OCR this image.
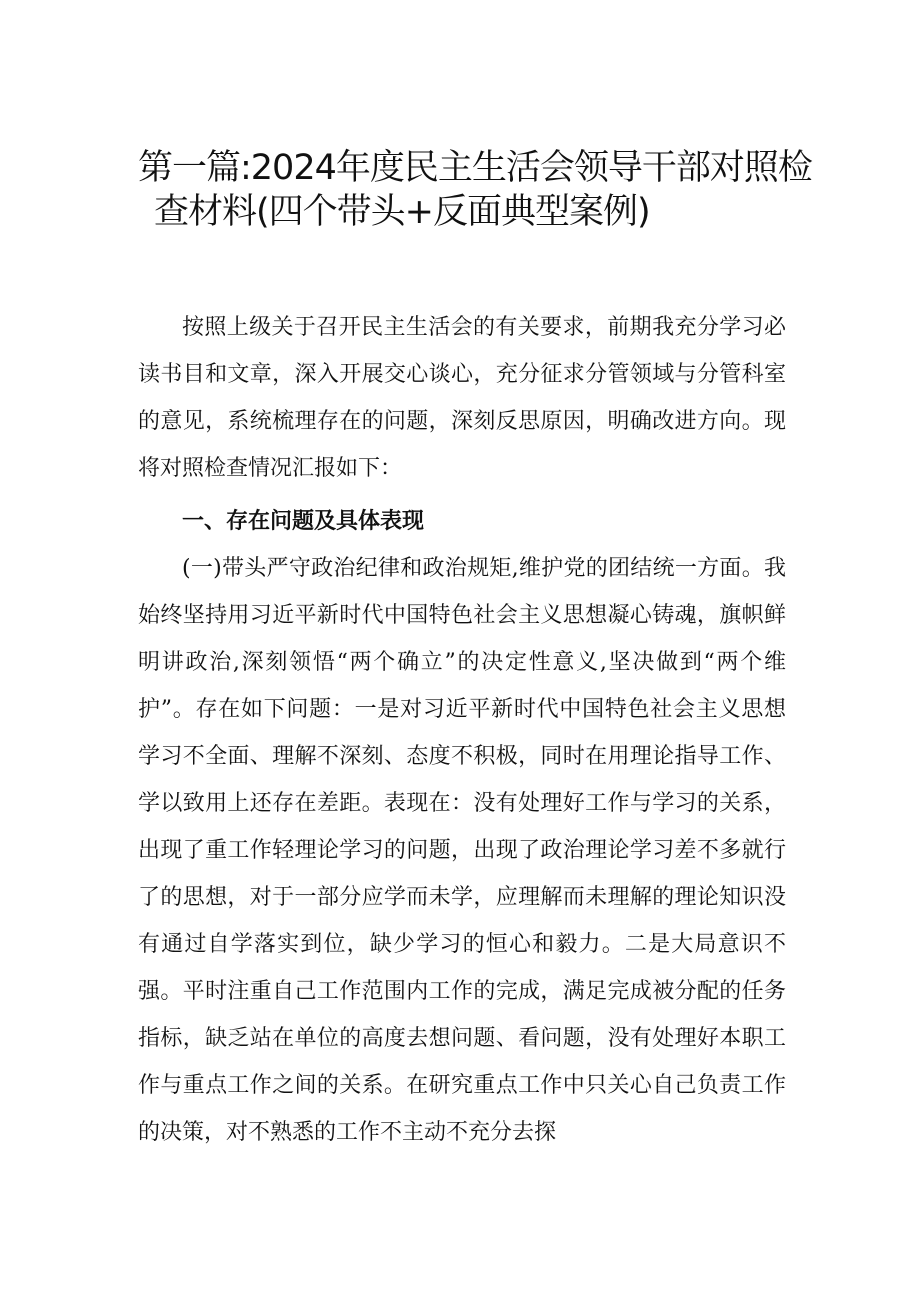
第一篇:2024年度民主生活会领导干部对照检
查材料(四个带头+反面典型案例)

按照上级关于召开民主生活会的有关要求，前期我充分学习必读书目和文章，深入开展交心谈心，充分征求分管领域与分管科室的意见，系统梳理存在的问题，深刻反思原因，明确改进方向。现将对照检查情况汇报如下：

一、存在问题及具体表现

(一)带头严守政治纪律和政治规矩,维护党的团结统一方面。我始终坚持用习近平新时代中国特色社会主义思想凝心铸魂，旗帜鲜明讲政治,深刻领悟“两个确立”的决定性意义,坚决做到“两个维护”。存在如下问题：一是对习近平新时代中国特色社会主义思想学习不全面、理解不深刻、态度不积极，同时在用理论指导工作、学以致用上还存在差距。表现在：没有处理好工作与学习的关系，出现了重工作轻理论学习的问题，出现了政治理论学习差不多就行了的思想，对于一部分应学而未学，应理解而未理解的理论知识没有通过自学落实到位，缺少学习的恒心和毅力。二是大局意识不强。平时注重自己工作范围内工作的完成，满足完成被分配的任务指标，缺乏站在单位的高度去想问题、看问题，没有处理好本职工作与重点工作之间的关系。在研究重点工作中只关心自己负责工作的决策，对不熟悉的工作不主动不充分去探
